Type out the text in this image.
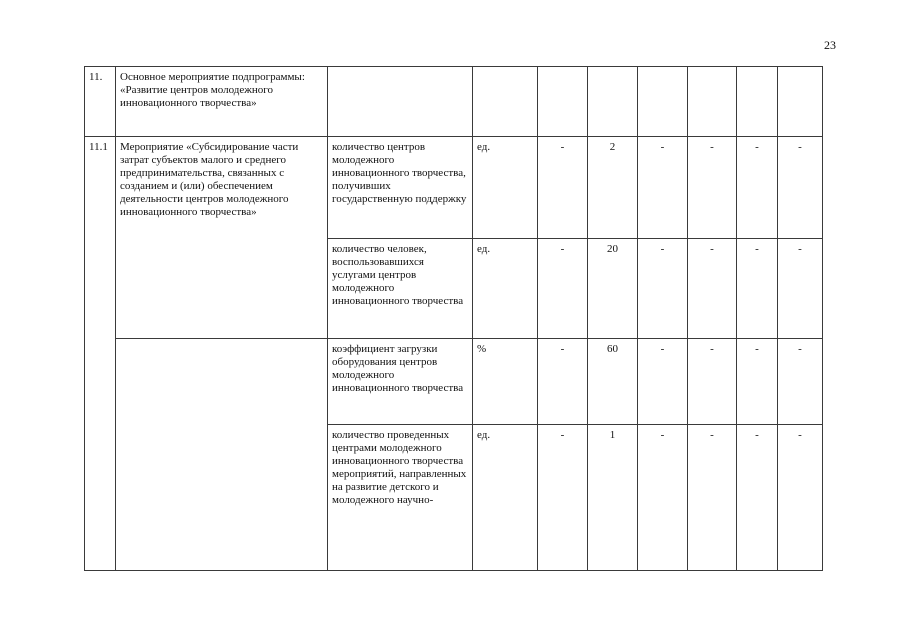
23
11.	Основное мероприятие подпрограммы: «Развитие центров молодежного инновационного творчества»								
11.1	Мероприятие «Субсидирование части затрат субъектов малого и среднего предпринимательства, связанных с созданием и (или) обеспечением деятельности центров молодежного инновационного творчества»	количество центров молодежного инновационного творчества, получивших государственную поддержку	ед.	-	2	-	-	-	-
		количество человек, воспользовавшихся услугами центров молодежного инновационного творчества	ед.	-	20	-	-	-	-
		коэффициент загрузки оборудования центров молодежного инновационного творчества	%	-	60	-	-	-	-
		количество проведенных центрами молодежного инновационного творчества мероприятий, направленных на развитие детского и молодежного научно-	ед.	-	1	-	-	-	-
